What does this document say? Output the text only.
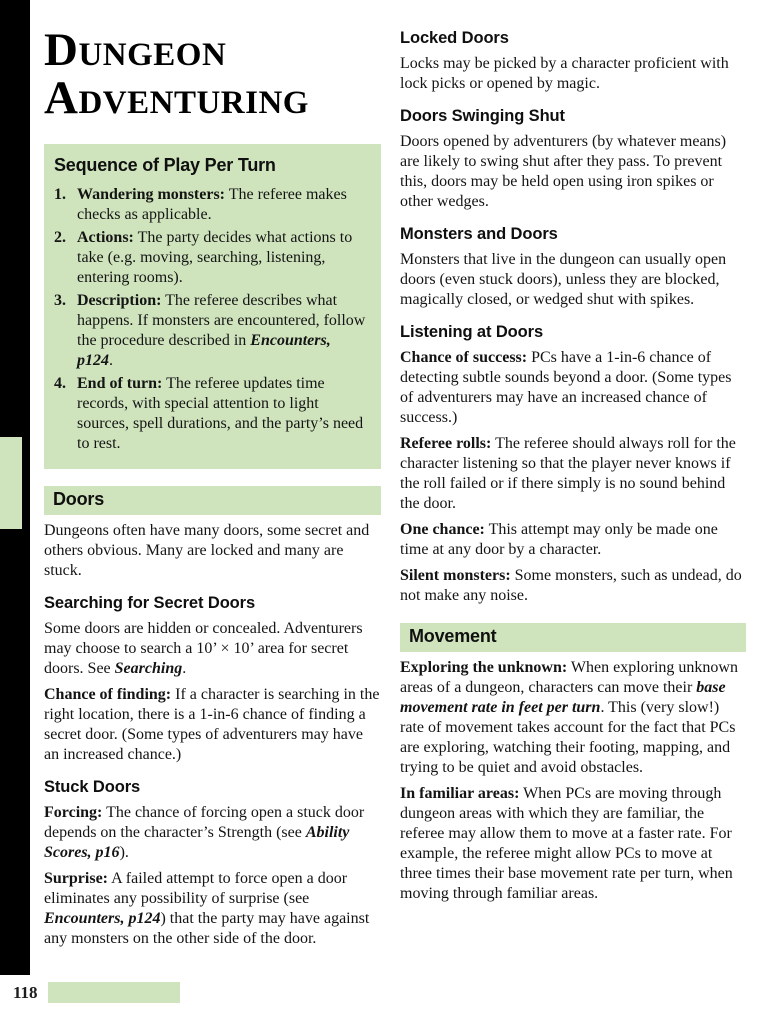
Dungeon
Adventuring
Sequence of Play Per Turn
1. Wandering monsters: The referee makes checks as applicable.
2. Actions: The party decides what actions to take (e.g. moving, searching, listening, entering rooms).
3. Description: The referee describes what happens. If monsters are encountered, follow the procedure described in Encounters, p124.
4. End of turn: The referee updates time records, with special attention to light sources, spell durations, and the party’s need to rest.
Doors

Dungeons often have many doors, some secret and others obvious. Many are locked and many are stuck.

Searching for Secret Doors

Some doors are hidden or concealed. Adventurers may choose to search a 10’ × 10’ area for secret doors. See Searching.

Chance of finding: If a character is searching in the right location, there is a 1-in-6 chance of finding a secret door. (Some types of adventurers may have an increased chance.)

Stuck Doors

Forcing: The chance of forcing open a stuck door depends on the character’s Strength (see Ability Scores, p16).

Surprise: A failed attempt to force open a door eliminates any possibility of surprise (see Encounters, p124) that the party may have against any monsters on the other side of the door.

Locked Doors

Locks may be picked by a character proficient with lock picks or opened by magic.

Doors Swinging Shut

Doors opened by adventurers (by whatever means) are likely to swing shut after they pass. To prevent this, doors may be held open using iron spikes or other wedges.

Monsters and Doors

Monsters that live in the dungeon can usually open doors (even stuck doors), unless they are blocked, magically closed, or wedged shut with spikes.

Listening at Doors

Chance of success: PCs have a 1-in-6 chance of detecting subtle sounds beyond a door. (Some types of adventurers may have an increased chance of success.)

Referee rolls: The referee should always roll for the character listening so that the player never knows if the roll failed or if there simply is no sound behind the door.

One chance: This attempt may only be made one time at any door by a character.

Silent monsters: Some monsters, such as undead, do not make any noise.

Movement

Exploring the unknown: When exploring unknown areas of a dungeon, characters can move their base movement rate in feet per turn. This (very slow!) rate of movement takes account for the fact that PCs are exploring, watching their footing, mapping, and trying to be quiet and avoid obstacles.

In familiar areas: When PCs are moving through dungeon areas with which they are familiar, the referee may allow them to move at a faster rate. For example, the referee might allow PCs to move at three times their base movement rate per turn, when moving through familiar areas.

118
